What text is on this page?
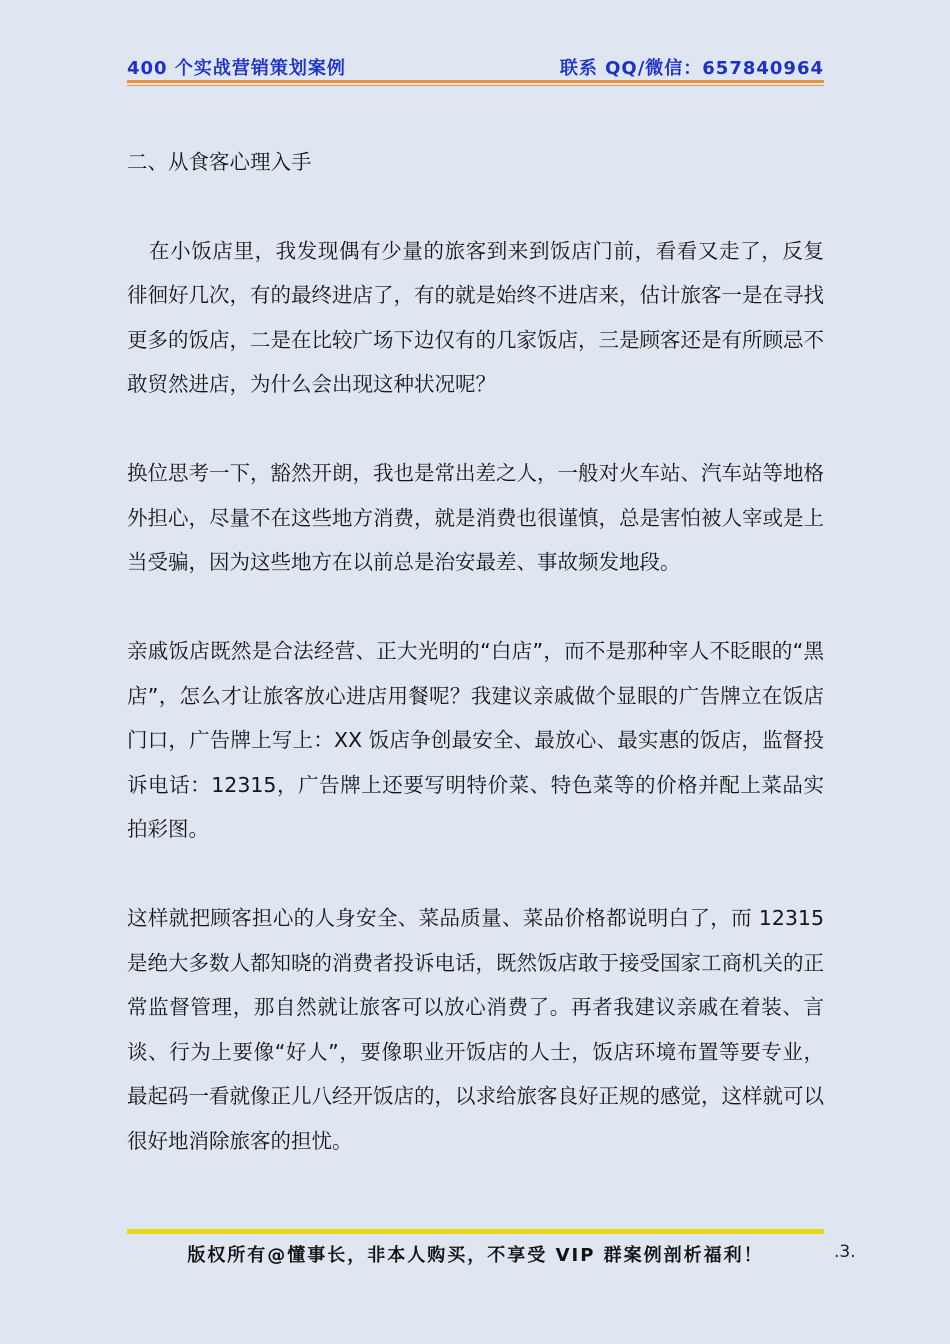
400 个实战营销策划案例	联系 QQ/微信：657840964
二、从食客心理入手

在小饭店里，我发现偶有少量的旅客到来到饭店门前，看看又走了，反复徘徊好几次，有的最终进店了，有的就是始终不进店来，估计旅客一是在寻找更多的饭店，二是在比较广场下边仅有的几家饭店，三是顾客还是有所顾忌不敢贸然进店，为什么会出现这种状况呢？

换位思考一下，豁然开朗，我也是常出差之人，一般对火车站、汽车站等地格外担心，尽量不在这些地方消费，就是消费也很谨慎，总是害怕被人宰或是上当受骗，因为这些地方在以前总是治安最差、事故频发地段。

亲戚饭店既然是合法经营、正大光明的“白店”，而不是那种宰人不眨眼的“黑店”，怎么才让旅客放心进店用餐呢？我建议亲戚做个显眼的广告牌立在饭店门口，广告牌上写上：XX 饭店争创最安全、最放心、最实惠的饭店，监督投诉电话：12315，广告牌上还要写明特价菜、特色菜等的价格并配上菜品实拍彩图。

这样就把顾客担心的人身安全、菜品质量、菜品价格都说明白了，而 12315 是绝大多数人都知晓的消费者投诉电话，既然饭店敢于接受国家工商机关的正常监督管理，那自然就让旅客可以放心消费了。再者我建议亲戚在着装、言谈、行为上要像“好人”，要像职业开饭店的人士，饭店环境布置等要专业，最起码一看就像正儿八经开饭店的，以求给旅客良好正规的感觉，这样就可以很好地消除旅客的担忧。

版权所有@懂事长，非本人购买，不享受 VIP 群案例剖析福利！	.3.
